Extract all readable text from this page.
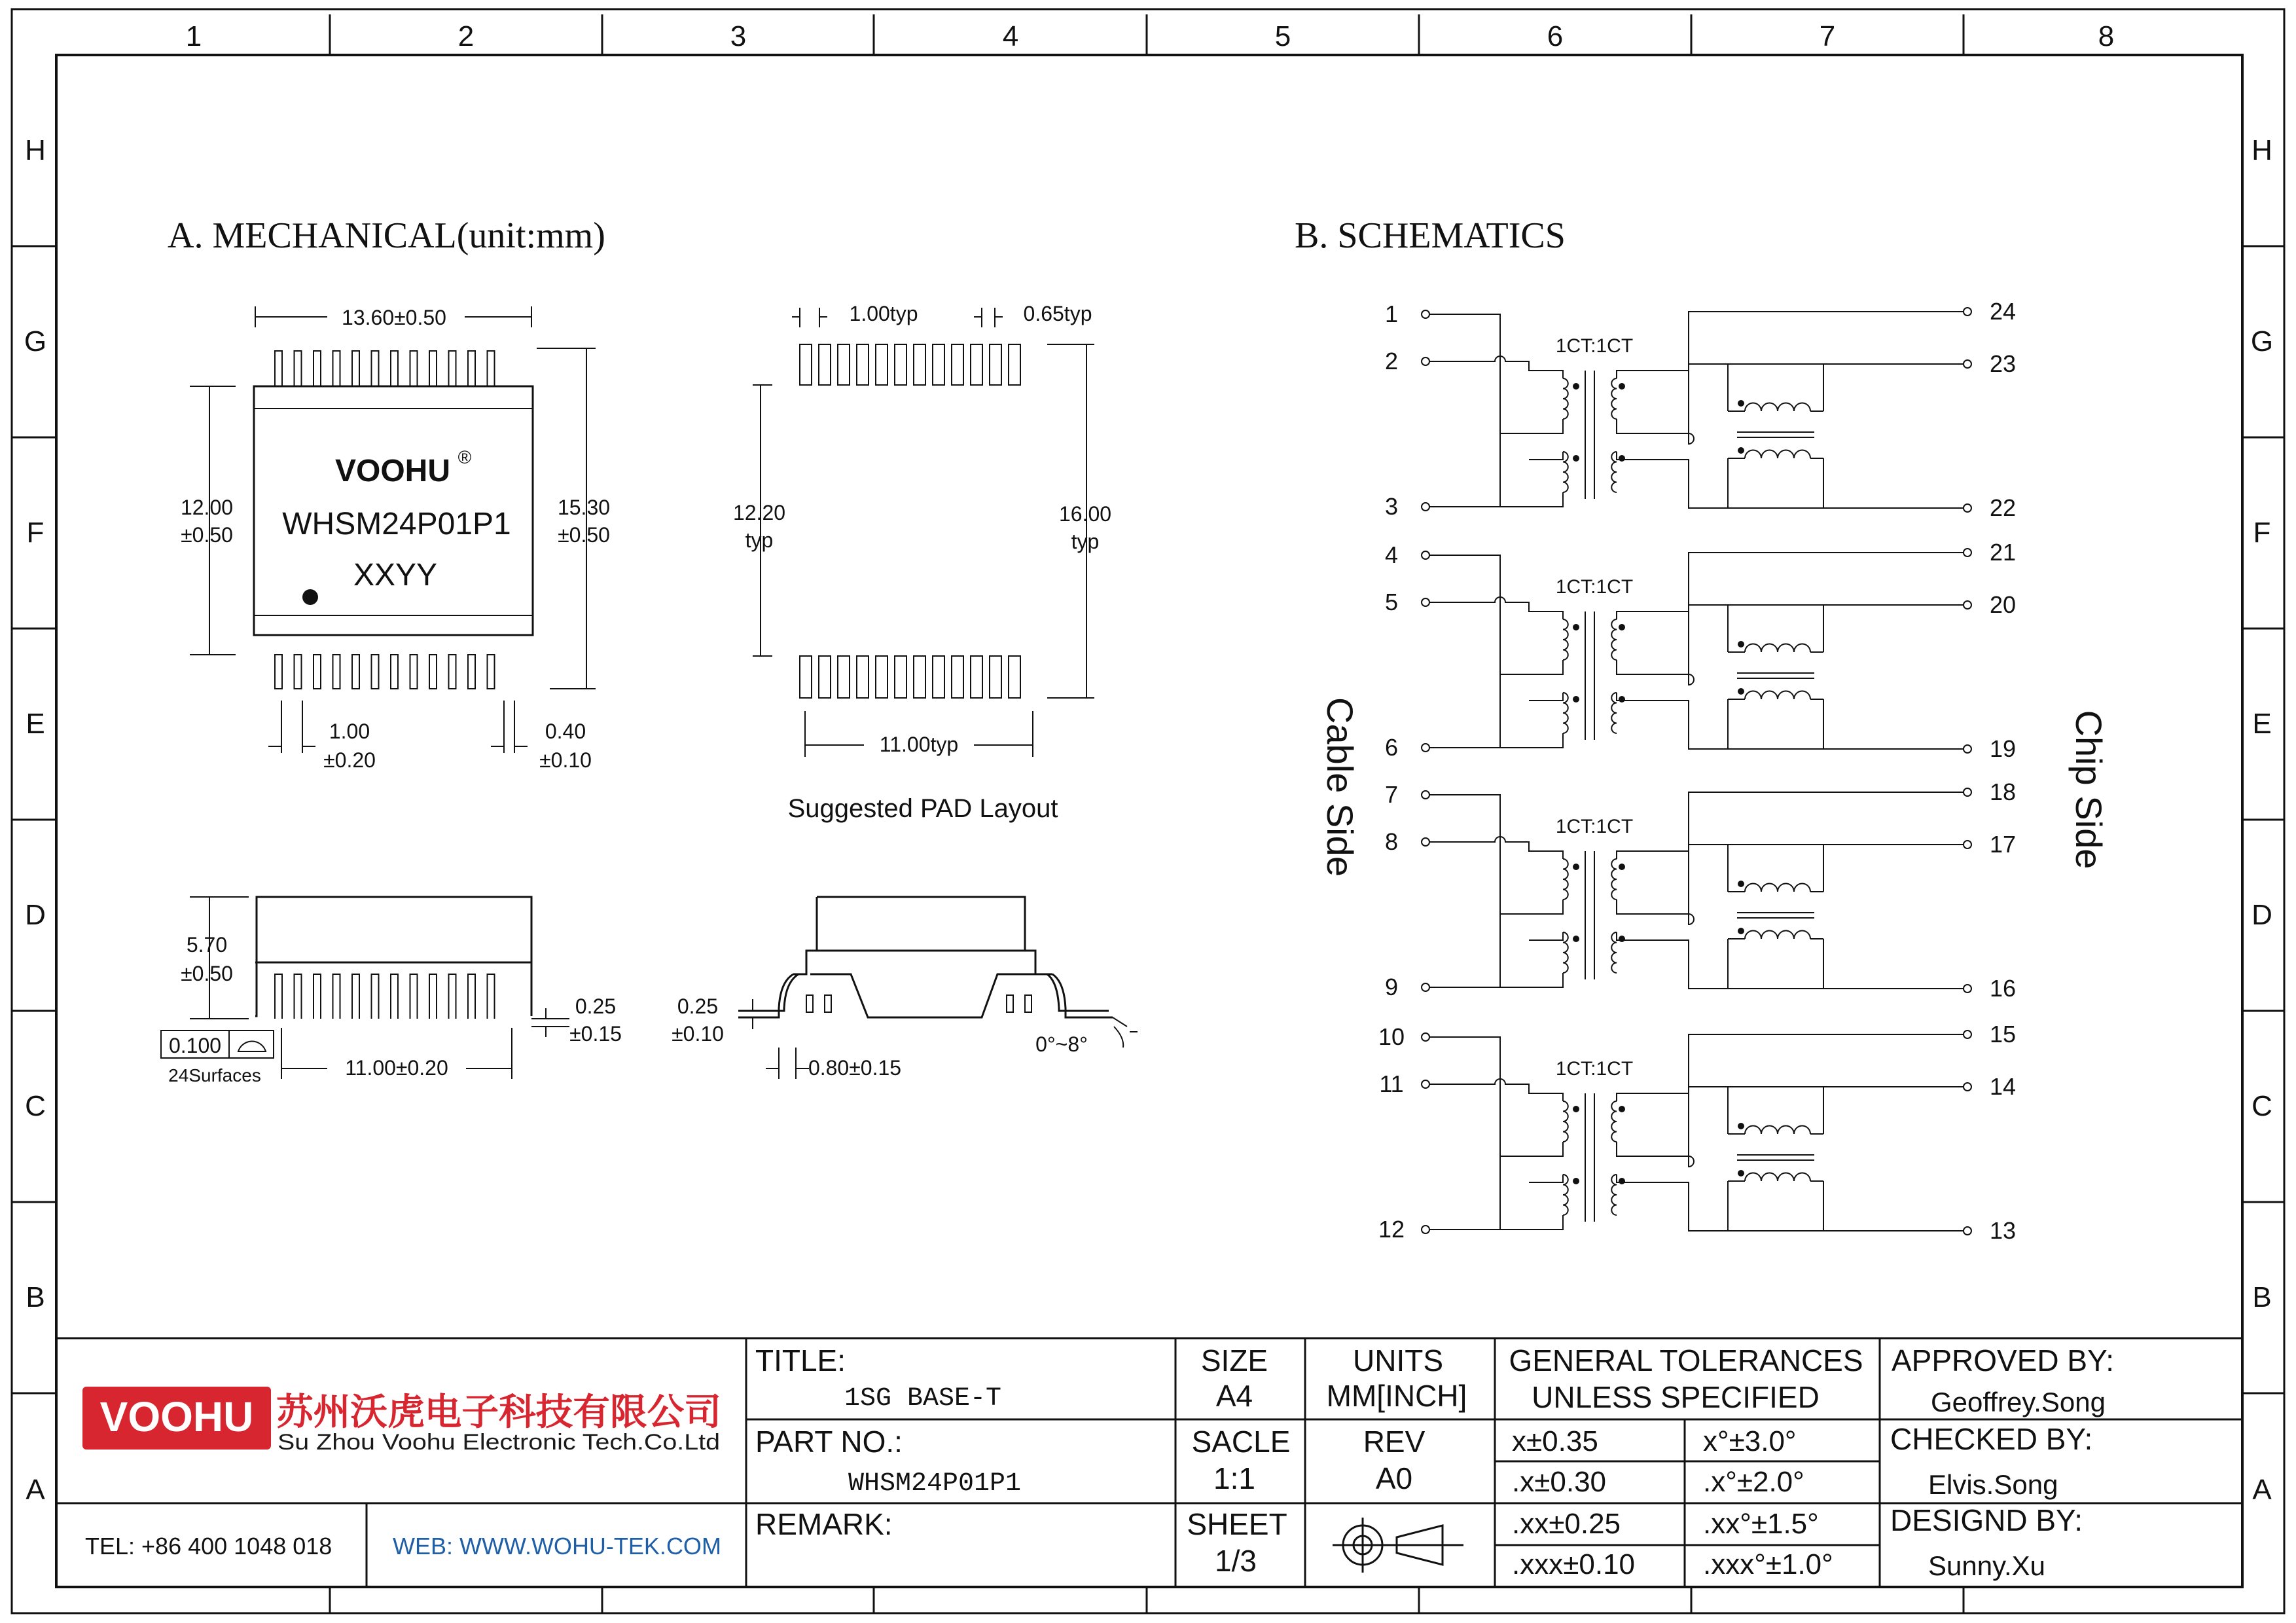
1	2	3	4	5	6	7	8
H
G
F
E
D
C
B
A
H
G
F
E
D
C
B
A
A. MECHANICAL(unit:mm)
VOOHU ®
WHSM24P01P1
XXYY
13.60±0.50
12.00
±0.50
15.30
±0.50
1.00
±0.20
0.40
±0.10
1.00typ	0.65typ
12.20
typ
16.00
typ
11.00typ
Suggested PAD Layout
5.70
±0.50
0.25
±0.15
0.100
24Surfaces	11.00±0.20
0.25
±0.10
0.80±0.15
0°~8°
B. SCHEMATICS
Cable Side	Chip Side
1CT:1CT
1
2
3
24
23
22
1CT:1CT
4
5
6
21
20
19
1CT:1CT
7
8
9
18
17
16
1CT:1CT
10
11
12
15
14
13
VOOHU 苏州沃虎电子科技有限公司
Su Zhou Voohu Electronic Tech.Co.Ltd
TEL: +86 400 1048 018	WEB: WWW.WOHU-TEK.COM
TITLE:
1SG BASE-T
PART NO.:
WHSM24P01P1
REMARK:
SIZE
A4
SACLE
1:1
SHEET
1/3
UNITS
MM[INCH]
REV
A0
GENERAL TOLERANCES
UNLESS SPECIFIED
x±0.35	x°±3.0°
.x±0.30	.x°±2.0°
.xx±0.25	.xx°±1.5°
.xxx±0.10 .xxx°±1.0°
APPROVED BY:
Geoffrey.Song
CHECKED BY:
Elvis.Song
DESIGND BY:
Sunny.Xu
